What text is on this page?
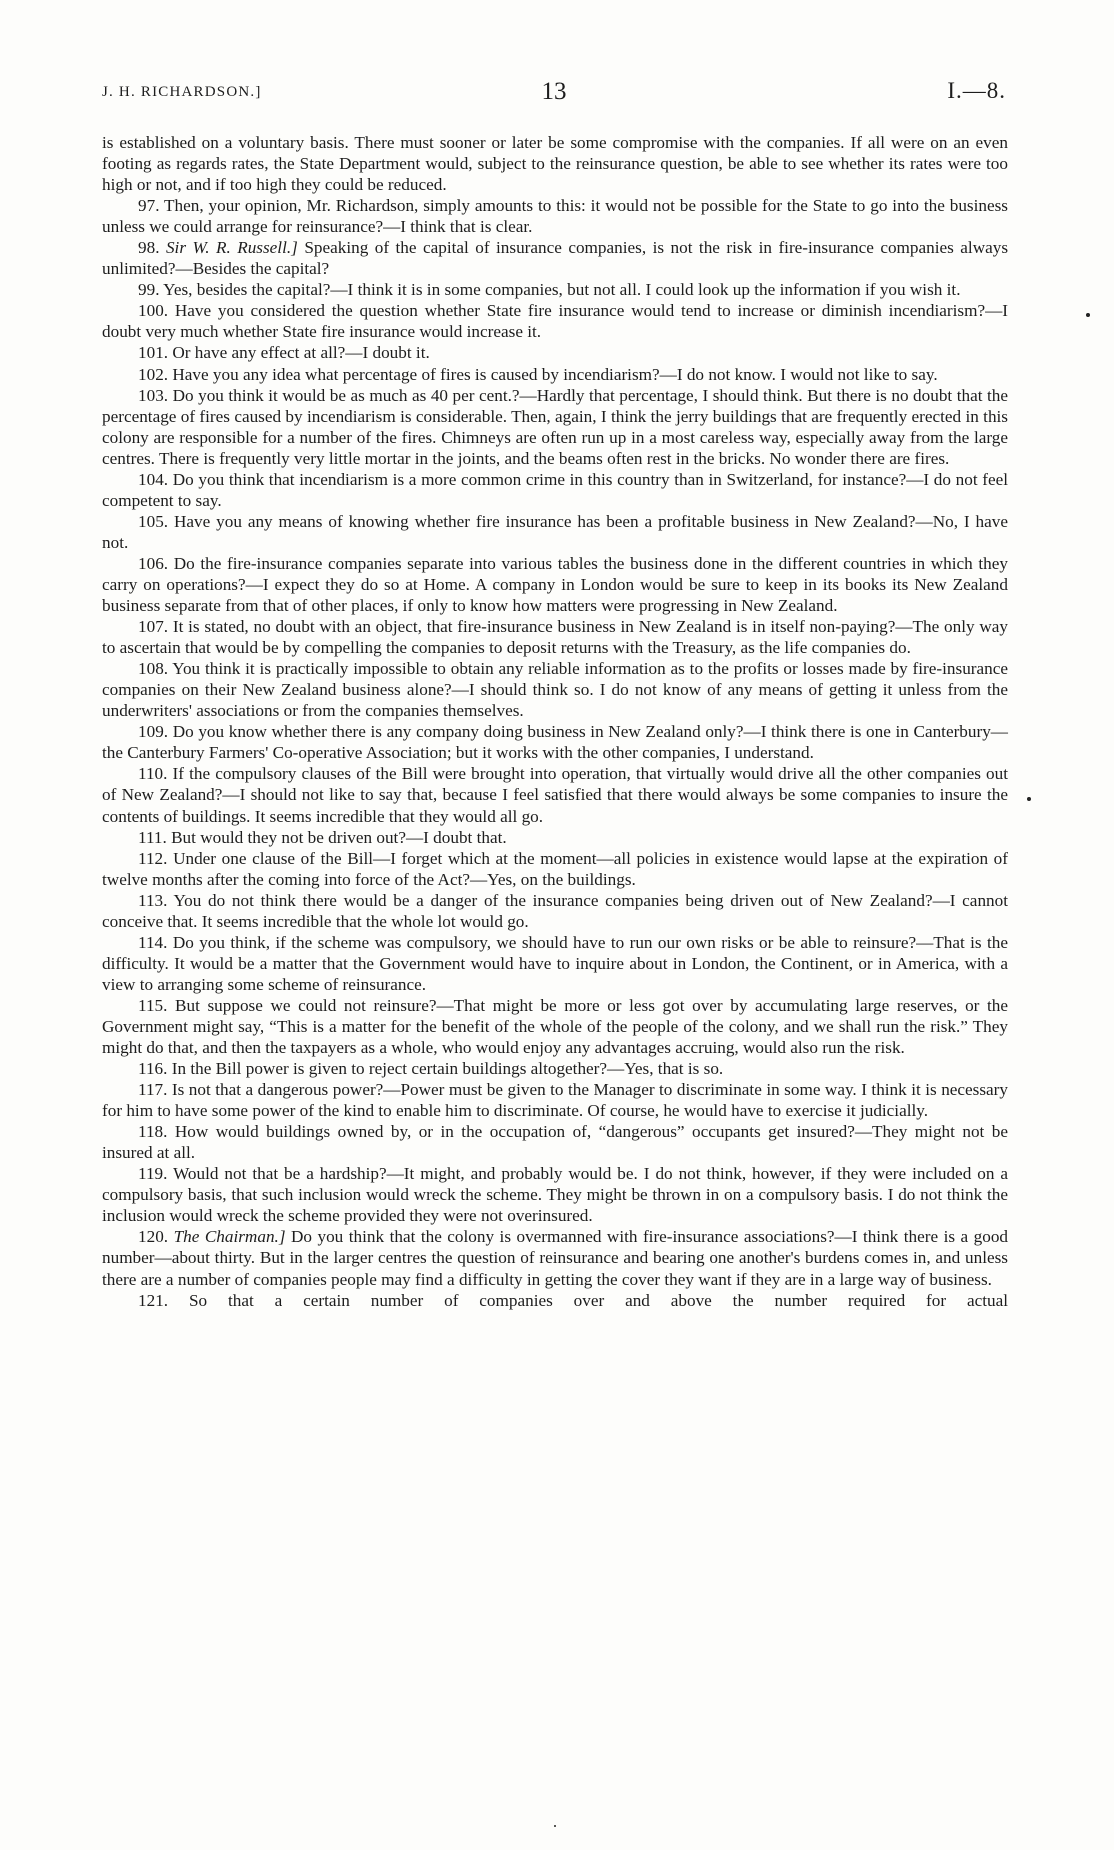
J. H. RICHARDSON.]	13	I.—8.

is established on a voluntary basis. There must sooner or later be some compromise with the companies. If all were on an even footing as regards rates, the State Department would, subject to the reinsurance question, be able to see whether its rates were too high or not, and if too high they could be reduced.

97. Then, your opinion, Mr. Richardson, simply amounts to this: it would not be possible for the State to go into the business unless we could arrange for reinsurance?—I think that is clear.

98. Sir W. R. Russell.] Speaking of the capital of insurance companies, is not the risk in fire-insurance companies always unlimited?—Besides the capital?

99. Yes, besides the capital?—I think it is in some companies, but not all. I could look up the information if you wish it.

100. Have you considered the question whether State fire insurance would tend to increase or diminish incendiarism?—I doubt very much whether State fire insurance would increase it.

101. Or have any effect at all?—I doubt it.

102. Have you any idea what percentage of fires is caused by incendiarism?—I do not know. I would not like to say.

103. Do you think it would be as much as 40 per cent.?—Hardly that percentage, I should think. But there is no doubt that the percentage of fires caused by incendiarism is considerable. Then, again, I think the jerry buildings that are frequently erected in this colony are responsible for a number of the fires. Chimneys are often run up in a most careless way, especially away from the large centres. There is frequently very little mortar in the joints, and the beams often rest in the bricks. No wonder there are fires.

104. Do you think that incendiarism is a more common crime in this country than in Switzerland, for instance?—I do not feel competent to say.

105. Have you any means of knowing whether fire insurance has been a profitable business in New Zealand?—No, I have not.

106. Do the fire-insurance companies separate into various tables the business done in the different countries in which they carry on operations?—I expect they do so at Home. A company in London would be sure to keep in its books its New Zealand business separate from that of other places, if only to know how matters were progressing in New Zealand.

107. It is stated, no doubt with an object, that fire-insurance business in New Zealand is in itself non-paying?—The only way to ascertain that would be by compelling the companies to deposit returns with the Treasury, as the life companies do.

108. You think it is practically impossible to obtain any reliable information as to the profits or losses made by fire-insurance companies on their New Zealand business alone?—I should think so. I do not know of any means of getting it unless from the underwriters' associations or from the companies themselves.

109. Do you know whether there is any company doing business in New Zealand only?—I think there is one in Canterbury—the Canterbury Farmers' Co-operative Association; but it works with the other companies, I understand.

110. If the compulsory clauses of the Bill were brought into operation, that virtually would drive all the other companies out of New Zealand?—I should not like to say that, because I feel satisfied that there would always be some companies to insure the contents of buildings. It seems incredible that they would all go.

111. But would they not be driven out?—I doubt that.

112. Under one clause of the Bill—I forget which at the moment—all policies in existence would lapse at the expiration of twelve months after the coming into force of the Act?—Yes, on the buildings.

113. You do not think there would be a danger of the insurance companies being driven out of New Zealand?—I cannot conceive that. It seems incredible that the whole lot would go.

114. Do you think, if the scheme was compulsory, we should have to run our own risks or be able to reinsure?—That is the difficulty. It would be a matter that the Government would have to inquire about in London, the Continent, or in America, with a view to arranging some scheme of reinsurance.

115. But suppose we could not reinsure?—That might be more or less got over by accumulating large reserves, or the Government might say, “This is a matter for the benefit of the whole of the people of the colony, and we shall run the risk.” They might do that, and then the taxpayers as a whole, who would enjoy any advantages accruing, would also run the risk.

116. In the Bill power is given to reject certain buildings altogether?—Yes, that is so.

117. Is not that a dangerous power?—Power must be given to the Manager to discriminate in some way. I think it is necessary for him to have some power of the kind to enable him to discriminate. Of course, he would have to exercise it judicially.

118. How would buildings owned by, or in the occupation of, “dangerous” occupants get insured?—They might not be insured at all.

119. Would not that be a hardship?—It might, and probably would be. I do not think, however, if they were included on a compulsory basis, that such inclusion would wreck the scheme. They might be thrown in on a compulsory basis. I do not think the inclusion would wreck the scheme provided they were not overinsured.

120. The Chairman.] Do you think that the colony is overmanned with fire-insurance associations?—I think there is a good number—about thirty. But in the larger centres the question of reinsurance and bearing one another's burdens comes in, and unless there are a number of companies people may find a difficulty in getting the cover they want if they are in a large way of business.

121. So that a certain number of companies over and above the number required for actual
